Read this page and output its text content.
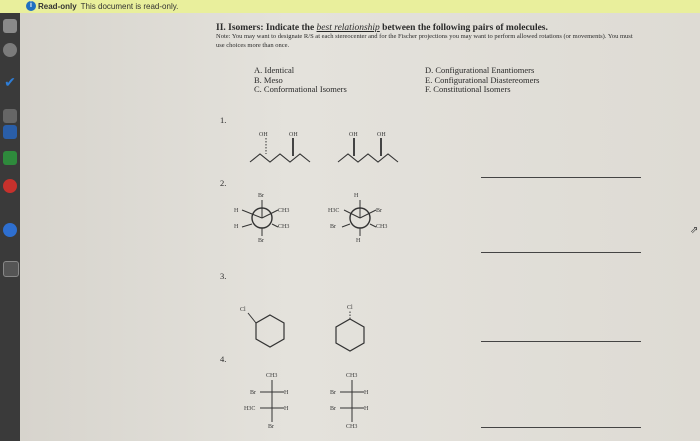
i Read-only This document is read-only.
✔
II. Isomers: Indicate the best relationship between the following pairs of molecules.
Note: You may want to designate R/S at each stereocenter and for the Fischer projections you may want to perform allowed rotations (or movements). You must use choices more than once.
A. Identical
B. Meso
C. Conformational Isomers
D. Configurational Enantiomers
E. Configurational Diastereomers
F. Constitutional Isomers
1.
2.
3.
4.
OH	OH	OH	OH
Br
H	CH3
H	CH3
Br
H
H3C	Br
Br	CH3
H
Cl	Cl
CH3
Br	H
H3C	H
Br
CH3
Br	H
Br	H
CH3
⇗
